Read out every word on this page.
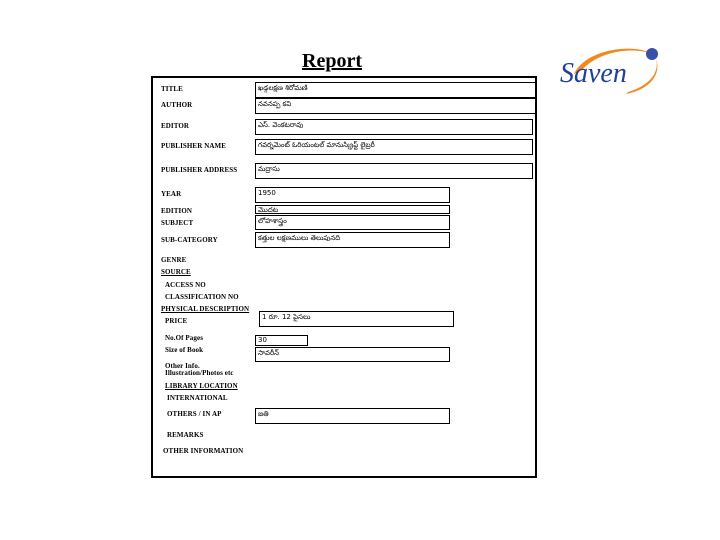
Report	Saven
TITLE	ఖడ్గలక్షణ శిరోమణి
AUTHOR	నవనప్ప కవి
EDITOR	ఎస్. వెంకటరావు
PUBLISHER NAME	గవర్నమెంట్ ఓరియంటల్ మానుస్క్రిప్ట్ లైబ్రరీ
PUBLISHER ADDRESS	మద్రాసు
YEAR	1950
EDITION	మొదట
SUBJECT	లోహశాస్త్రం
SUB-CATEGORY	కత్తుల లక్షణములు తెలుపునది
GENRE
SOURCE
ACCESS NO
CLASSIFICATION NO
PHYSICAL DESCRIPTION
PRICE	1 రూ. 12 పైసలు
No.Of Pages	30
Size of Book	సావరీన్
Other Info.
Illustration/Photos etc
LIBRARY LOCATION
INTERNATIONAL
OTHERS / IN AP	జతి
REMARKS
OTHER INFORMATION
